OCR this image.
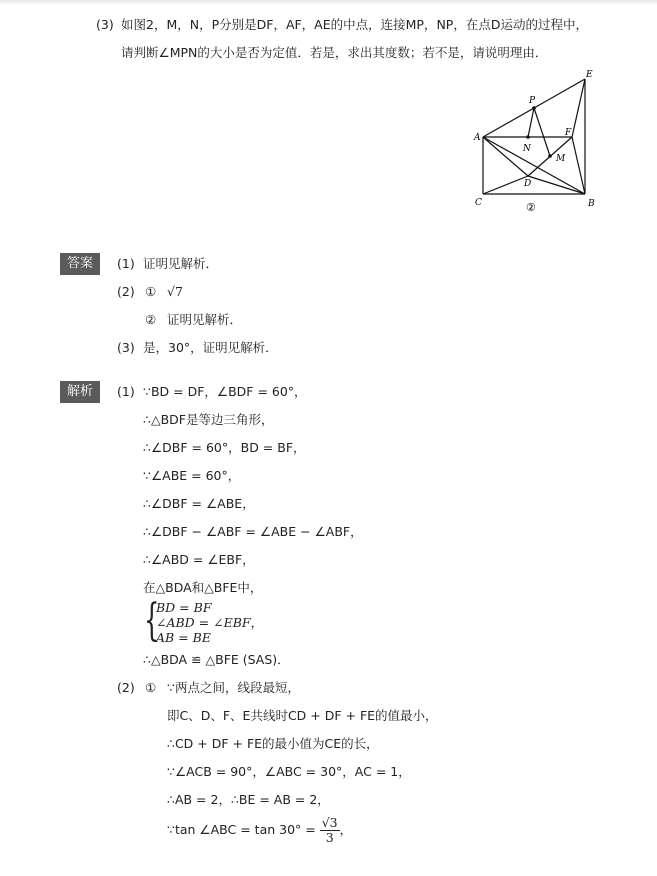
(3) 如图2，M，N，P分别是DF，AF，AE的中点，连接MP，NP，在点D运动的过程中，
请判断∠MPN的大小是否为定值．若是，求出其度数；若不是，请说明理由．
A
B
C
D
E
F
M
N
P
②
答案	(1) 证明见解析．
(2) ① √7
② 证明见解析．
(3) 是，30°，证明见解析．
解析	(1) ∵BD = DF，∠BDF = 60°，
∴△BDF是等边三角形，
∴∠DBF = 60°，BD = BF，
∵∠ABE = 60°，
∴∠DBF = ∠ABE，
∴∠DBF − ∠ABF = ∠ABE − ∠ABF，
∴∠ABD = ∠EBF，
在△BDA和△BFE中，
{
BD = BF
∠ABD = ∠EBF，
AB = BE
∴△BDA ≌ △BFE (SAS)．
(2) ① ∵两点之间，线段最短，
即C、D、F、E共线时CD + DF + FE的值最小，
∴CD + DF + FE的最小值为CE的长，
∵∠ACB = 90°，∠ABC = 30°，AC = 1，
∴AB = 2，∴BE = AB = 2，
∵tan ∠ABC = $\tan 30^\circ = \frac{√3}{3}$ ，
